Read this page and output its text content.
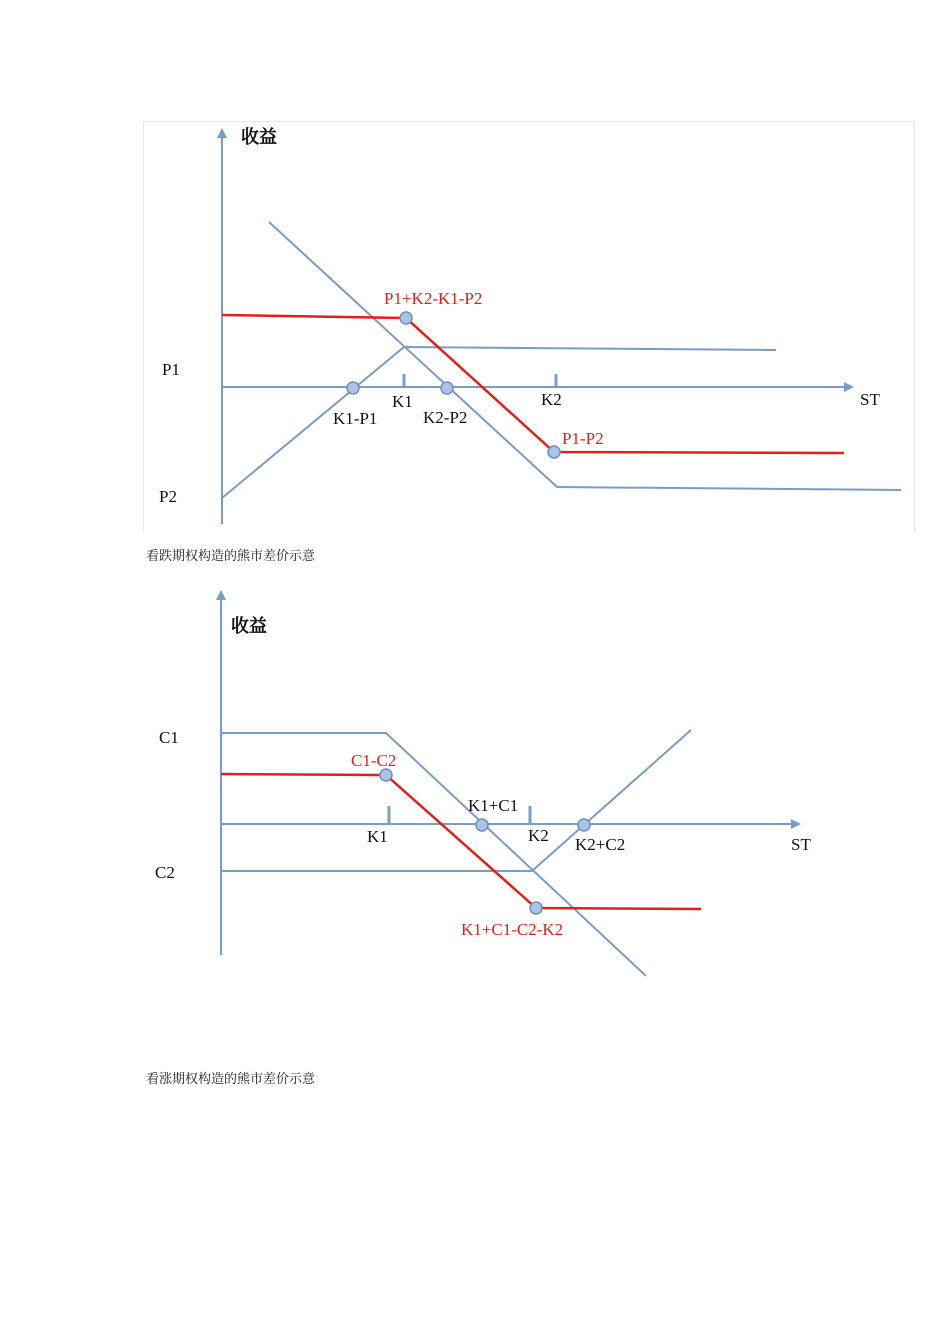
收益
ST
P1
P2
K1	K2
K1-P1	K2-P2
P1+K2-K1-P2
P1-P2
看跌期权构造的熊市差价示意
收益
ST
C1
C2
K1	K2
K1+C1
K2+C2
C1-C2
K1+C1-C2-K2
看涨期权构造的熊市差价示意
